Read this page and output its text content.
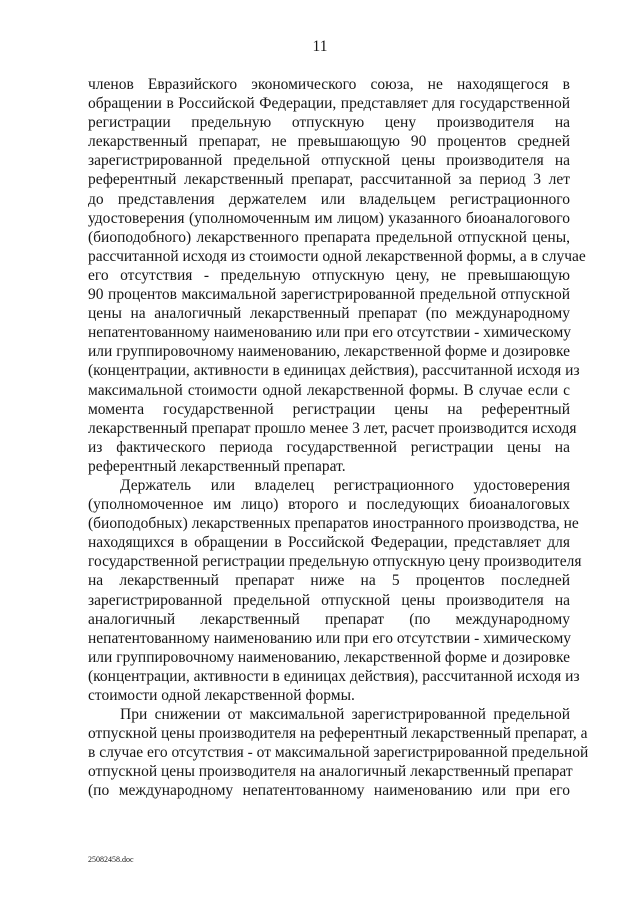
11
членов Евразийского экономического союза, не находящегося в
обращении в Российской Федерации, представляет для государственной
регистрации предельную отпускную цену производителя на
лекарственный препарат, не превышающую 90 процентов средней
зарегистрированной предельной отпускной цены производителя на
референтный лекарственный препарат, рассчитанной за период 3 лет
до представления держателем или владельцем регистрационного
удостоверения (уполномоченным им лицом) указанного биоаналогового
(биоподобного) лекарственного препарата предельной отпускной цены,
рассчитанной исходя из стоимости одной лекарственной формы, а в случае
его отсутствия - предельную отпускную цену, не превышающую
90 процентов максимальной зарегистрированной предельной отпускной
цены на аналогичный лекарственный препарат (по международному
непатентованному наименованию или при его отсутствии - химическому
или группировочному наименованию, лекарственной форме и дозировке
(концентрации, активности в единицах действия), рассчитанной исходя из
максимальной стоимости одной лекарственной формы. В случае если с
момента государственной регистрации цены на референтный
лекарственный препарат прошло менее 3 лет, расчет производится исходя
из фактического периода государственной регистрации цены на
референтный лекарственный препарат.
Держатель или владелец регистрационного удостоверения
(уполномоченное им лицо) второго и последующих биоаналоговых
(биоподобных) лекарственных препаратов иностранного производства, не
находящихся в обращении в Российской Федерации, представляет для
государственной регистрации предельную отпускную цену производителя
на лекарственный препарат ниже на 5 процентов последней
зарегистрированной предельной отпускной цены производителя на
аналогичный лекарственный препарат (по международному
непатентованному наименованию или при его отсутствии - химическому
или группировочному наименованию, лекарственной форме и дозировке
(концентрации, активности в единицах действия), рассчитанной исходя из
стоимости одной лекарственной формы.
При снижении от максимальной зарегистрированной предельной
отпускной цены производителя на референтный лекарственный препарат, а
в случае его отсутствия - от максимальной зарегистрированной предельной
отпускной цены производителя на аналогичный лекарственный препарат
(по международному непатентованному наименованию или при его
25082458.doc
